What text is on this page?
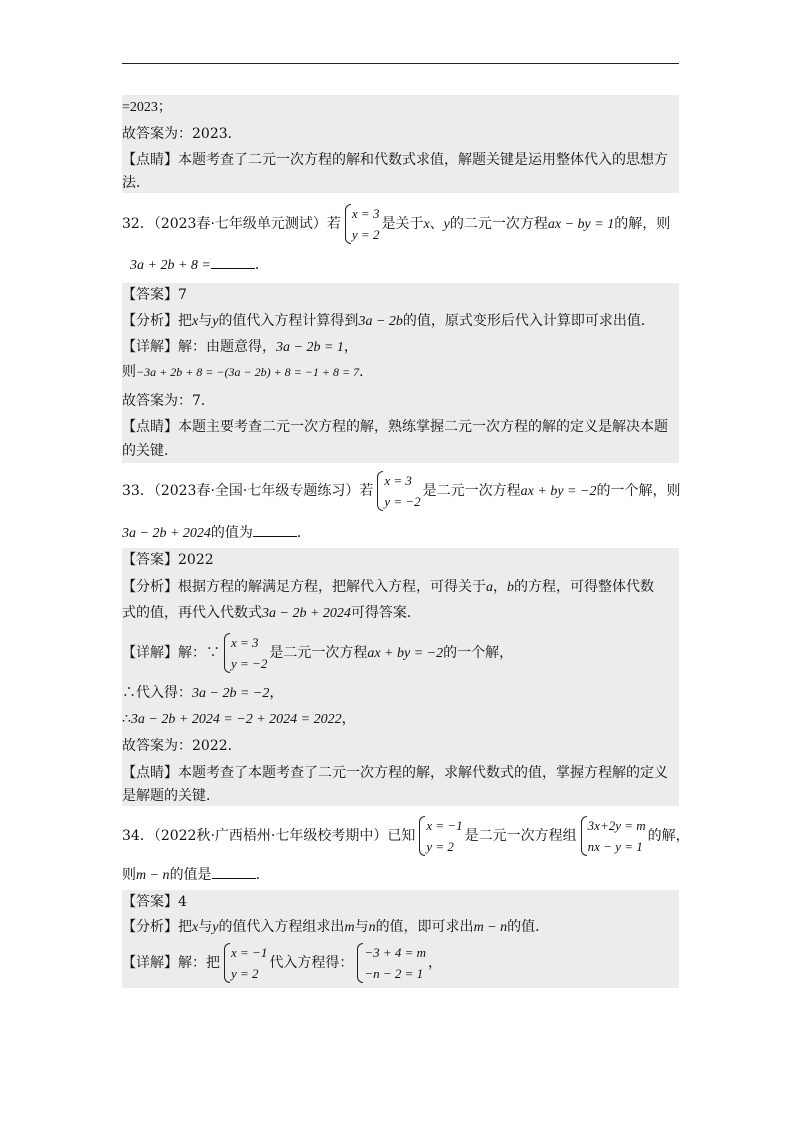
=2023；
故答案为：2023．
【点睛】本题考查了二元一次方程的解和代数式求值，解题关键是运用整体代入的思想方
法．
32．（2023春·七年级单元测试）若
x = 3
y = 2
是关于x、y的二元一次方程ax − by = 1的解，则
3a + 2b + 8 =	．
【答案】7
【分析】把x与y的值代入方程计算得到3a − 2b的值，原式变形后代入计算即可求出值．
【详解】解：由题意得，3a − 2b = 1，
则−3a + 2b + 8 = −(3a − 2b) + 8 = −1 + 8 = 7．
故答案为：7．
【点睛】本题主要考查二元一次方程的解，熟练掌握二元一次方程的解的定义是解决本题
的关键．
33．（2023春·全国·七年级专题练习）若
x = 3
y = −2
是二元一次方程ax + by = −2的一个解，则
3a − 2b + 2024的值为	．
【答案】2022
【分析】根据方程的解满足方程，把解代入方程，可得关于a，b的方程，可得整体代数
式的值，再代入代数式3a − 2b + 2024可得答案．
【详解】解：∵
x = 3
y = −2
是二元一次方程ax + by = −2的一个解，
∴代入得：3a − 2b = −2，
∴3a − 2b + 2024 = −2 + 2024 = 2022，
故答案为：2022．
【点睛】本题考查了本题考查了二元一次方程的解，求解代数式的值，掌握方程解的定义
是解题的关键．
34．（2022秋·广西梧州·七年级校考期中）已知
x = −1
y = 2
是二元一次方程组
3x+2y = m
nx − y = 1
的解，
则m − n的值是	．
【答案】4
【分析】把x与y的值代入方程组求出m与n的值，即可求出m − n的值．
【详解】解：把
x = −1
y = 2
代入方程得：
−3 + 4 = m
−n − 2 = 1
，
